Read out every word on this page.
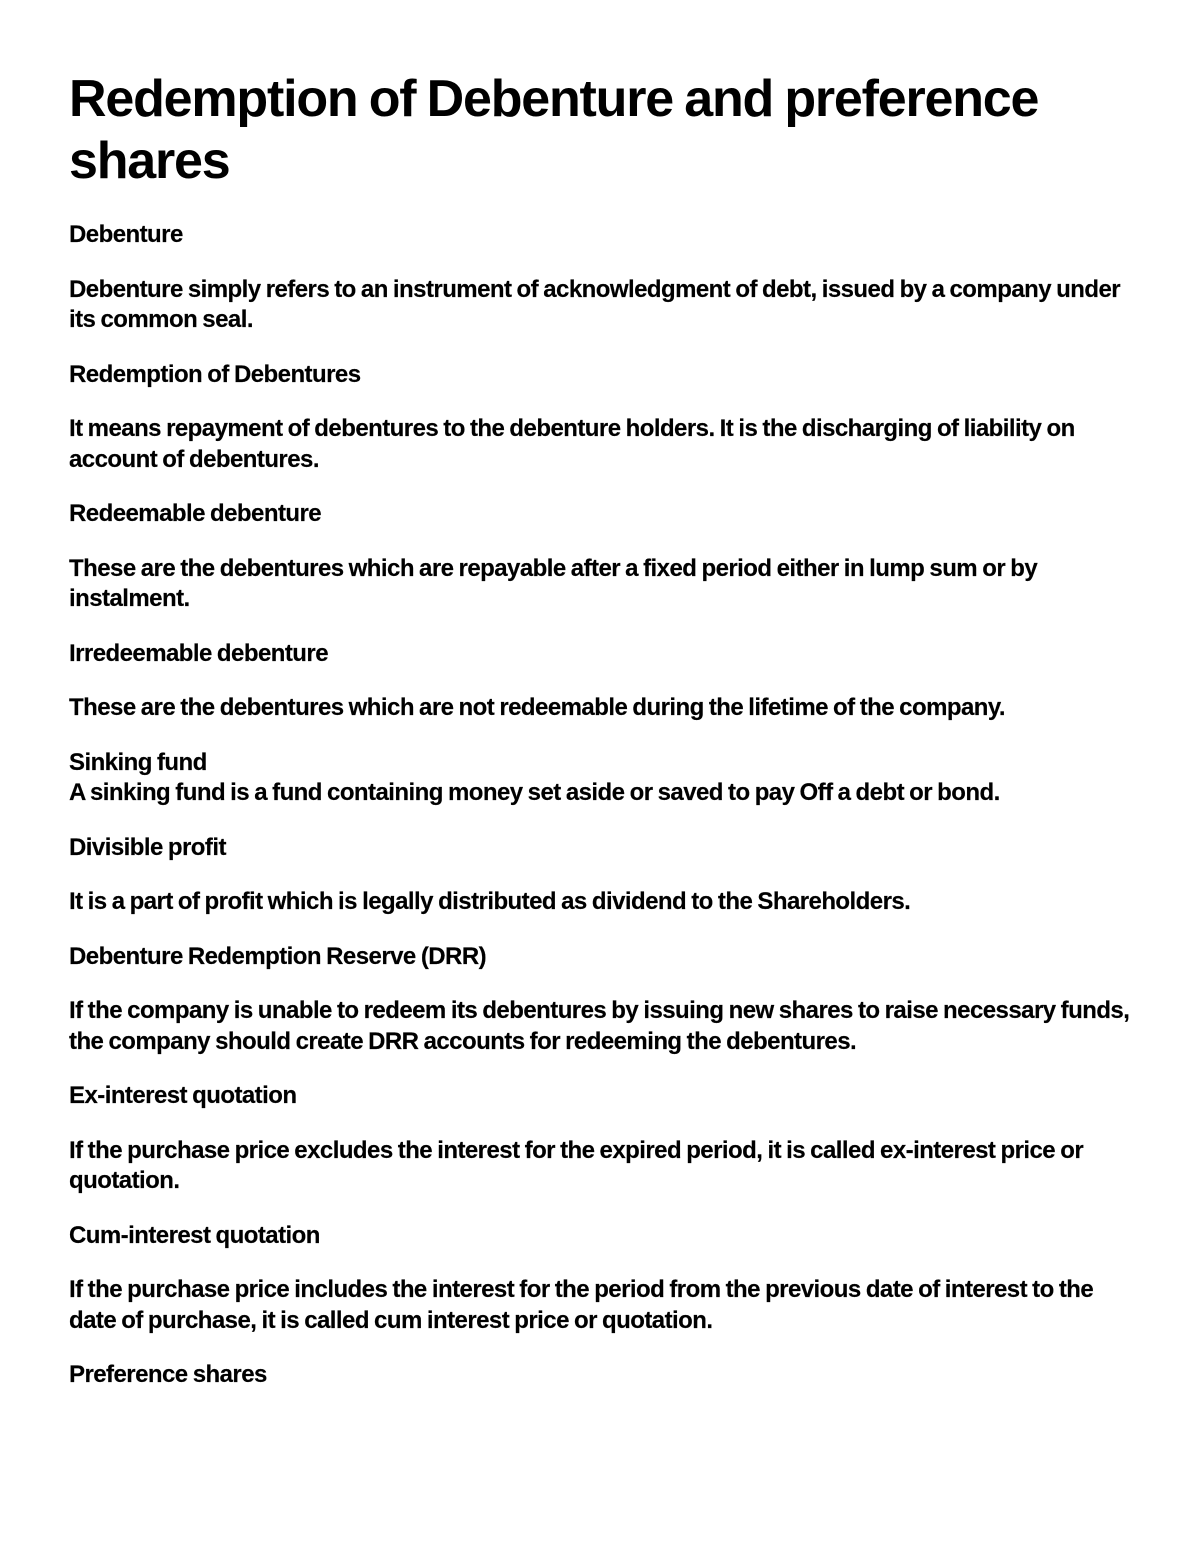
Redemption of Debenture and preference shares

Debenture

Debenture simply refers to an instrument of acknowledgment of debt, issued by a company under its common seal.

Redemption of Debentures

It means repayment of debentures to the debenture holders. It is the discharging of liability on account of debentures.

Redeemable debenture

These are the debentures which are repayable after a fixed period either in lump sum or by instalment.

Irredeemable debenture

These are the debentures which are not redeemable during the lifetime of the company.

Sinking fund

A sinking fund is a fund containing money set aside or saved to pay Off a debt or bond.

Divisible profit

It is a part of profit which is legally distributed as dividend to the Shareholders.

Debenture Redemption Reserve (DRR)

If the company is unable to redeem its debentures by issuing new shares to raise necessary funds, the company should create DRR accounts for redeeming the debentures.

Ex-interest quotation

If the purchase price excludes the interest for the expired period, it is called ex-interest price or quotation.

Cum-interest quotation

If the purchase price includes the interest for the period from the previous date of interest to the date of purchase, it is called cum interest price or quotation.

Preference shares
